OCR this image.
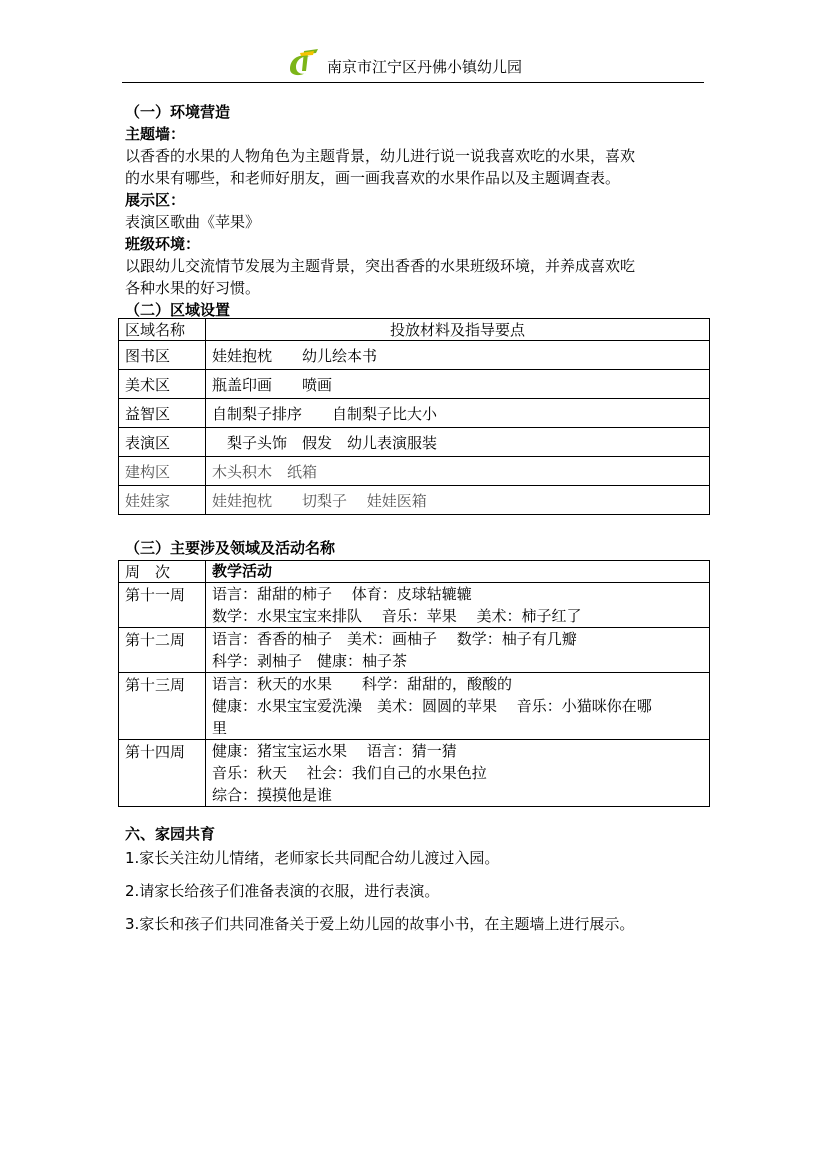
南京市江宁区丹佛小镇幼儿园
（一）环境营造
主题墙：
以香香的水果的人物角色为主题背景，幼儿进行说一说我喜欢吃的水果，喜欢
的水果有哪些，和老师好朋友，画一画我喜欢的水果作品以及主题调查表。
展示区：
表演区歌曲《苹果》
班级环境：
以跟幼儿交流情节发展为主题背景，突出香香的水果班级环境，并养成喜欢吃
各种水果的好习惯。
（二）区域设置
区域名称	投放材料及指导要点
图书区	娃娃抱枕　　幼儿绘本书
美术区	瓶盖印画　　喷画
益智区	自制梨子排序　　自制梨子比大小
表演区	　梨子头饰　假发　幼儿表演服装
建构区	木头积木　纸箱
娃娃家	娃娃抱枕　　切梨子　 娃娃医箱
（三）主要涉及领域及活动名称
周　次	教学活动
第十一周	语言：甜甜的柿子　 体育：皮球轱辘辘
数学：水果宝宝来排队　 音乐：苹果　 美术：柿子红了

第十二周	语言：香香的柚子　美术：画柚子　 数学：柚子有几瓣
科学：剥柚子　健康：柚子茶

第十三周	语言：秋天的水果　　科学：甜甜的，酸酸的
健康：水果宝宝爱洗澡　美术：圆圆的苹果　 音乐：小猫咪你在哪
里

第十四周	健康：猪宝宝运水果　 语言：猜一猜
音乐：秋天　 社会：我们自己的水果色拉
综合：摸摸他是谁
六、家园共育
1.家长关注幼儿情绪，老师家长共同配合幼儿渡过入园。
2.请家长给孩子们准备表演的衣服，进行表演。
3.家长和孩子们共同准备关于爱上幼儿园的故事小书，在主题墙上进行展示。
